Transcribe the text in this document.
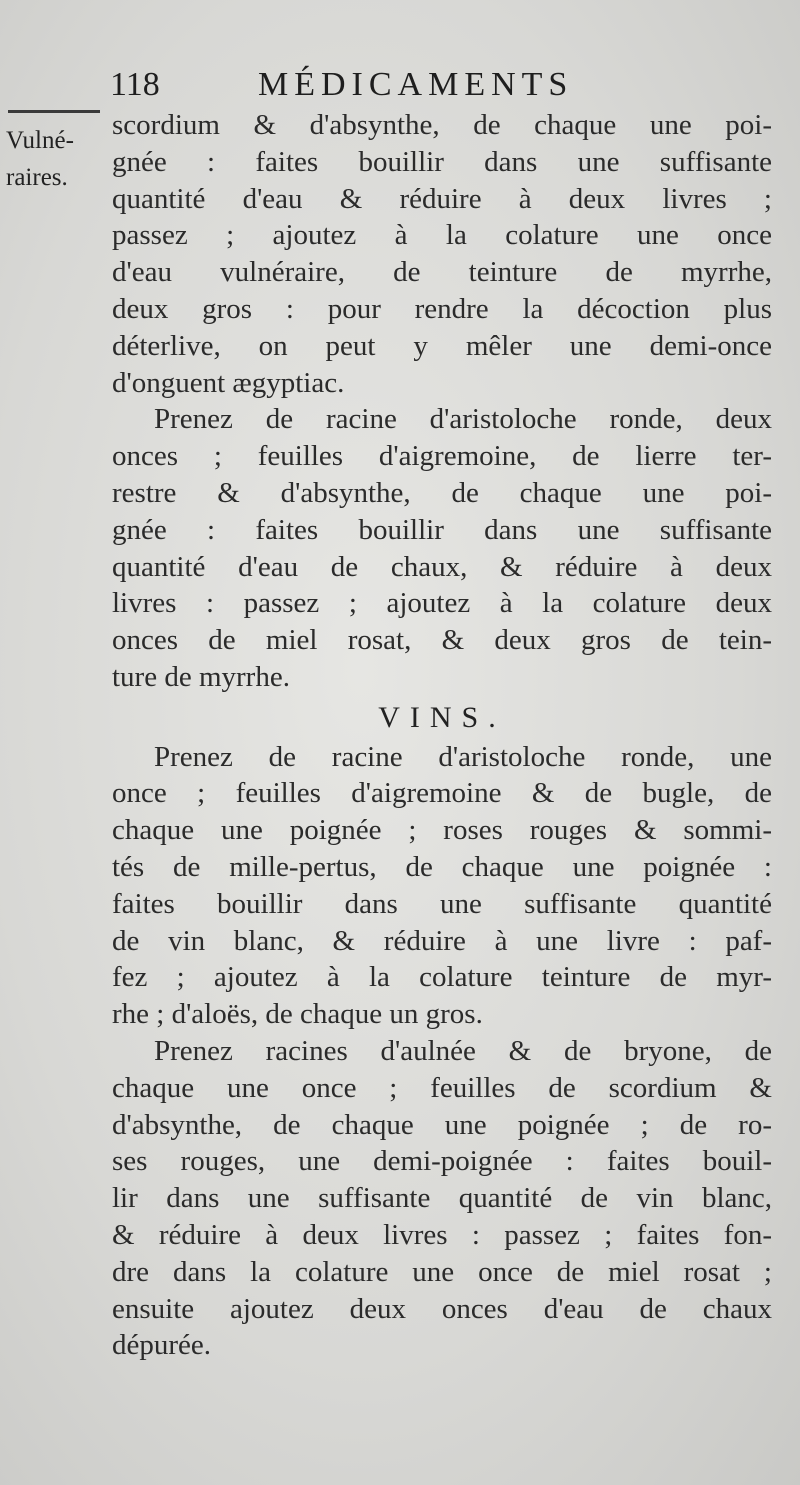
118	MÉDICAMENTS
Vulné-
raires.

scordium & d'absynthe, de chaque une poi-
gnée : faites bouillir dans une suffisante
quantité d'eau & réduire à deux livres ;
passez ; ajoutez à la colature une once
d'eau vulnéraire, de teinture de myrrhe,
deux gros : pour rendre la décoction plus
déterlive, on peut y mêler une demi-once
d'onguent ægyptiac.

Prenez de racine d'aristoloche ronde, deux
onces ; feuilles d'aigremoine, de lierre ter-
restre & d'absynthe, de chaque une poi-
gnée : faites bouillir dans une suffisante
quantité d'eau de chaux, & réduire à deux
livres : passez ; ajoutez à la colature deux
onces de miel rosat, & deux gros de tein-
ture de myrrhe.

VINS.

Prenez de racine d'aristoloche ronde, une
once ; feuilles d'aigremoine & de bugle, de
chaque une poignée ; roses rouges & sommi-
tés de mille-pertus, de chaque une poignée :
faites bouillir dans une suffisante quantité
de vin blanc, & réduire à une livre : paf-
fez ; ajoutez à la colature teinture de myr-
rhe ; d'aloës, de chaque un gros.

Prenez racines d'aulnée & de bryone, de
chaque une once ; feuilles de scordium &
d'absynthe, de chaque une poignée ; de ro-
ses rouges, une demi-poignée : faites bouil-
lir dans une suffisante quantité de vin blanc,
& réduire à deux livres : passez ; faites fon-
dre dans la colature une once de miel rosat ;
ensuite ajoutez deux onces d'eau de chaux
dépurée.
